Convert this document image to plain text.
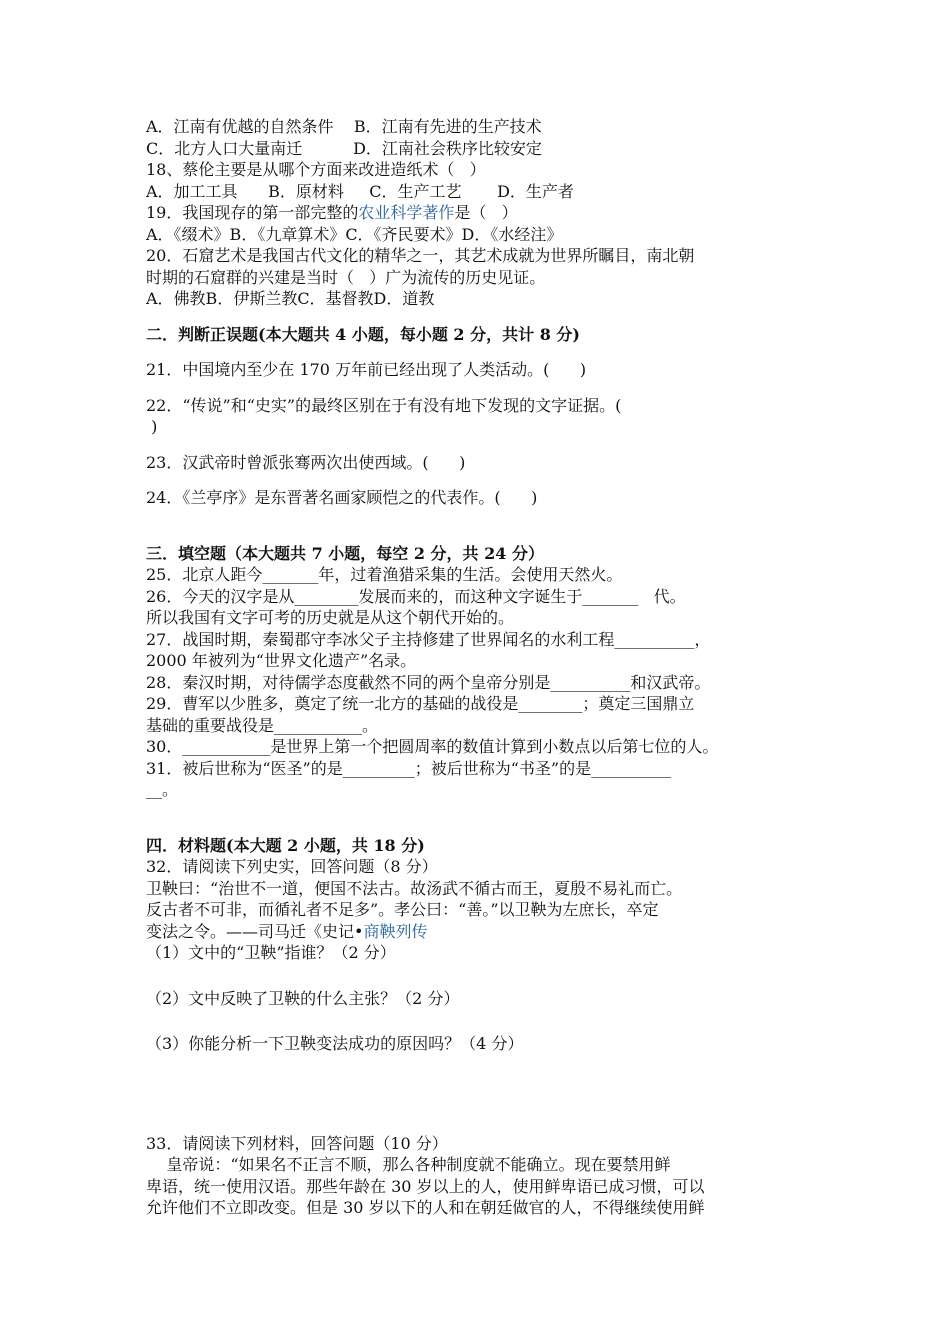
A．江南有优越的自然条件    B．江南有先进的生产技术
C．北方人口大量南迁          D．江南社会秩序比较安定
18、蔡伦主要是从哪个方面来改进造纸术（   ）
A．加工工具      B．原材料     C．生产工艺       D．生产者
19．我国现存的第一部完整的农业科学著作是（   ）
A．《缀术》B．《九章算术》C．《齐民要术》D．《水经注》
20．石窟艺术是我国古代文化的精华之一，其艺术成就为世界所瞩目，南北朝
时期的石窟群的兴建是当时（   ）广为流传的历史见证。
A．佛教B．伊斯兰教C．基督教D．道教
二．判断正误题(本大题共 4 小题，每小题 2 分，共计 8 分)
21．中国境内至少在 170 万年前已经出现了人类活动。(      )
22．“传说”和“史实”的最终区别在于有没有地下发现的文字证据。(
)
23．汉武帝时曾派张骞两次出使西域。(      )
24．《兰亭序》是东晋著名画家顾恺之的代表作。(      )
三．填空题（本大题共 7 小题，每空 2 分，共 24 分）
25．北京人距今_______年，过着渔猎采集的生活。会使用天然火。
26．今天的汉字是从________发展而来的，而这种文字诞生于_______   代。
所以我国有文字可考的历史就是从这个朝代开始的。
27．战国时期，秦蜀郡守李冰父子主持修建了世界闻名的水利工程__________，
2000 年被列为“世界文化遗产”名录。
28．秦汉时期，对待儒学态度截然不同的两个皇帝分别是__________和汉武帝。
29．曹军以少胜多，奠定了统一北方的基础的战役是________；奠定三国鼎立
基础的重要战役是___________。
30．___________是世界上第一个把圆周率的数值计算到小数点以后第七位的人。
31．被后世称为“医圣”的是_________；被后世称为“书圣”的是__________
__。
四．材料题(本大题 2 小题，共 18 分)
32．请阅读下列史实，回答问题（8 分）
卫鞅曰：“治世不一道，便国不法古。故汤武不循古而王，夏殷不易礼而亡。
反古者不可非，而循礼者不足多”。孝公曰：“善。”以卫鞅为左庶长，卒定
变法之令。——司马迁《史记•商鞅列传
（1）文中的“卫鞅”指谁？（2 分）
（2）文中反映了卫鞅的什么主张？（2 分）
（3）你能分析一下卫鞅变法成功的原因吗？（4 分）
33．请阅读下列材料，回答问题（10 分）
皇帝说：“如果名不正言不顺，那么各种制度就不能确立。现在要禁用鲜
卑语，统一使用汉语。那些年龄在 30 岁以上的人，使用鲜卑语已成习惯，可以
允许他们不立即改变。但是 30 岁以下的人和在朝廷做官的人，不得继续使用鲜
